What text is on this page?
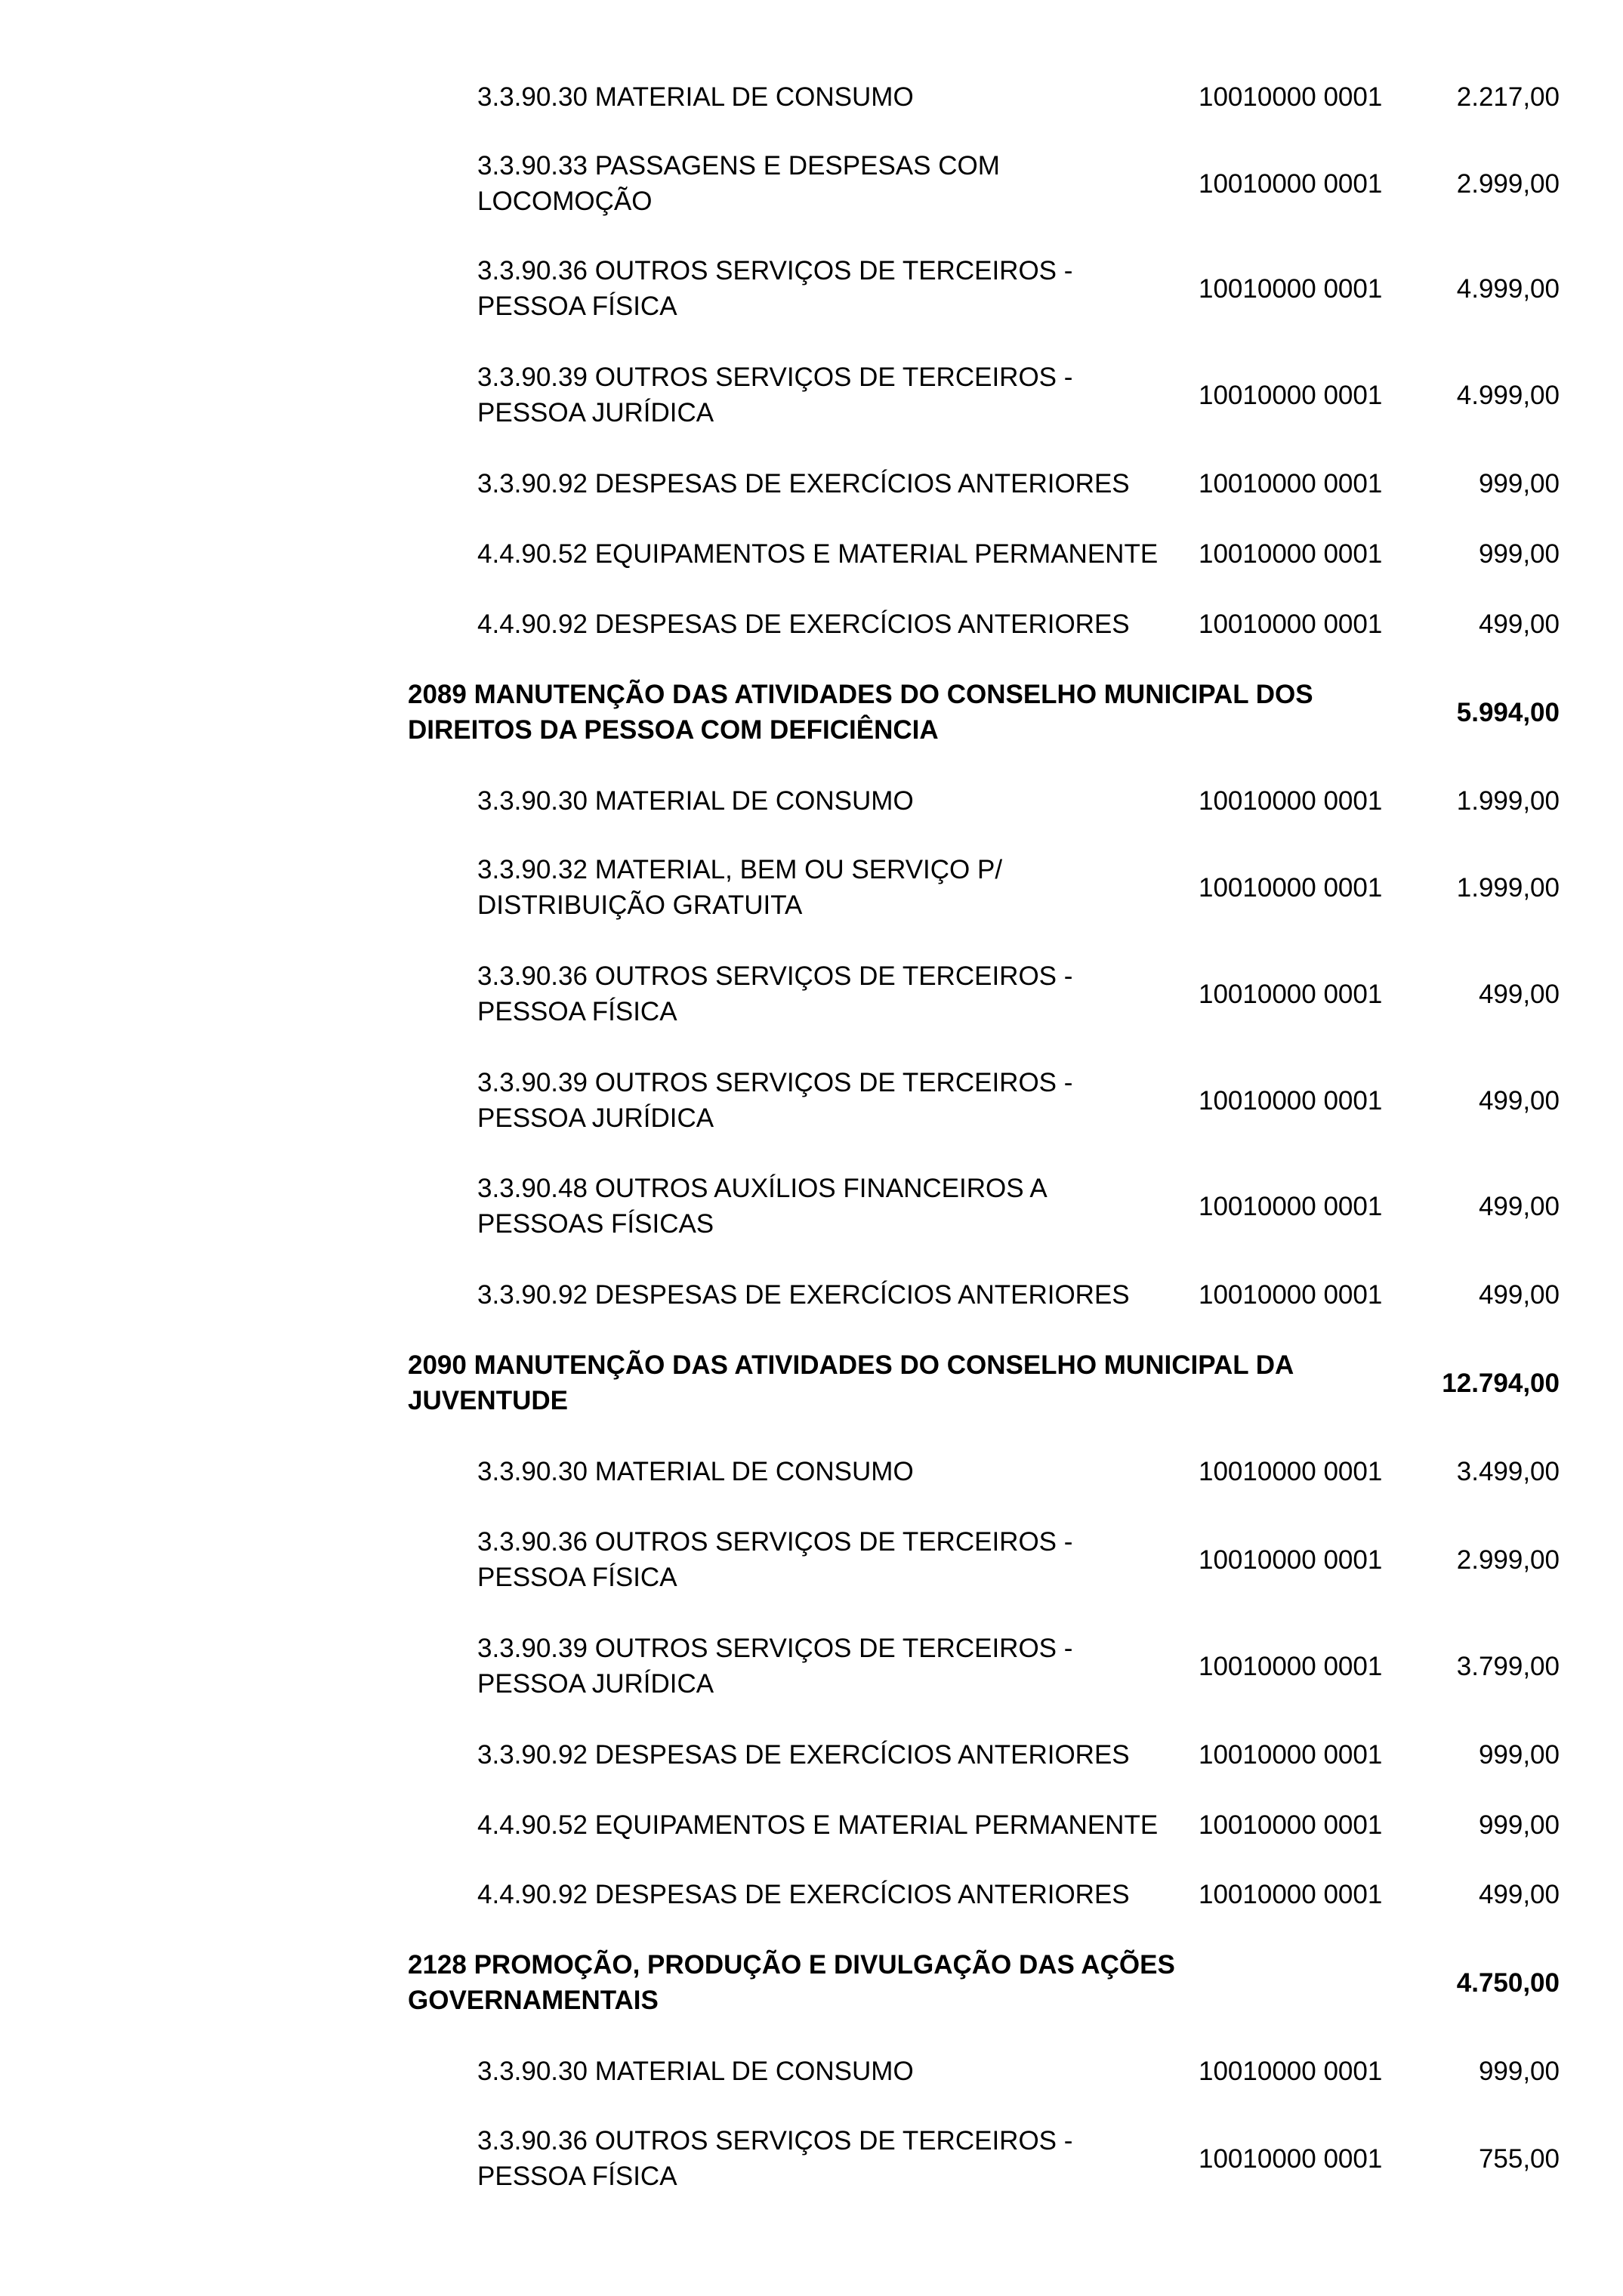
3.3.90.30 MATERIAL DE CONSUMO	10010000 0001	2.217,00
3.3.90.33 PASSAGENS E DESPESAS COM
LOCOMOÇÃO
10010000 0001	2.999,00
3.3.90.36 OUTROS SERVIÇOS DE TERCEIROS -
PESSOA FÍSICA
10010000 0001	4.999,00
3.3.90.39 OUTROS SERVIÇOS DE TERCEIROS -
PESSOA JURÍDICA
10010000 0001	4.999,00
3.3.90.92 DESPESAS DE EXERCÍCIOS ANTERIORES	10010000 0001	999,00
4.4.90.52 EQUIPAMENTOS E MATERIAL PERMANENTE	10010000 0001	999,00
4.4.90.92 DESPESAS DE EXERCÍCIOS ANTERIORES	10010000 0001	499,00
2089 MANUTENÇÃO DAS ATIVIDADES DO CONSELHO MUNICIPAL DOS
DIREITOS DA PESSOA COM DEFICIÊNCIA
5.994,00
3.3.90.30 MATERIAL DE CONSUMO	10010000 0001	1.999,00
3.3.90.32 MATERIAL, BEM OU SERVIÇO P/
DISTRIBUIÇÃO GRATUITA
10010000 0001	1.999,00
3.3.90.36 OUTROS SERVIÇOS DE TERCEIROS -
PESSOA FÍSICA
10010000 0001	499,00
3.3.90.39 OUTROS SERVIÇOS DE TERCEIROS -
PESSOA JURÍDICA
10010000 0001	499,00
3.3.90.48 OUTROS AUXÍLIOS FINANCEIROS A
PESSOAS FÍSICAS
10010000 0001	499,00
3.3.90.92 DESPESAS DE EXERCÍCIOS ANTERIORES	10010000 0001	499,00
2090 MANUTENÇÃO DAS ATIVIDADES DO CONSELHO MUNICIPAL DA
JUVENTUDE
12.794,00
3.3.90.30 MATERIAL DE CONSUMO	10010000 0001	3.499,00
3.3.90.36 OUTROS SERVIÇOS DE TERCEIROS -
PESSOA FÍSICA
10010000 0001	2.999,00
3.3.90.39 OUTROS SERVIÇOS DE TERCEIROS -
PESSOA JURÍDICA
10010000 0001	3.799,00
3.3.90.92 DESPESAS DE EXERCÍCIOS ANTERIORES	10010000 0001	999,00
4.4.90.52 EQUIPAMENTOS E MATERIAL PERMANENTE	10010000 0001	999,00
4.4.90.92 DESPESAS DE EXERCÍCIOS ANTERIORES	10010000 0001	499,00
2128 PROMOÇÃO, PRODUÇÃO E DIVULGAÇÃO DAS AÇÕES
GOVERNAMENTAIS
4.750,00
3.3.90.30 MATERIAL DE CONSUMO	10010000 0001	999,00
3.3.90.36 OUTROS SERVIÇOS DE TERCEIROS -
PESSOA FÍSICA
10010000 0001	755,00
